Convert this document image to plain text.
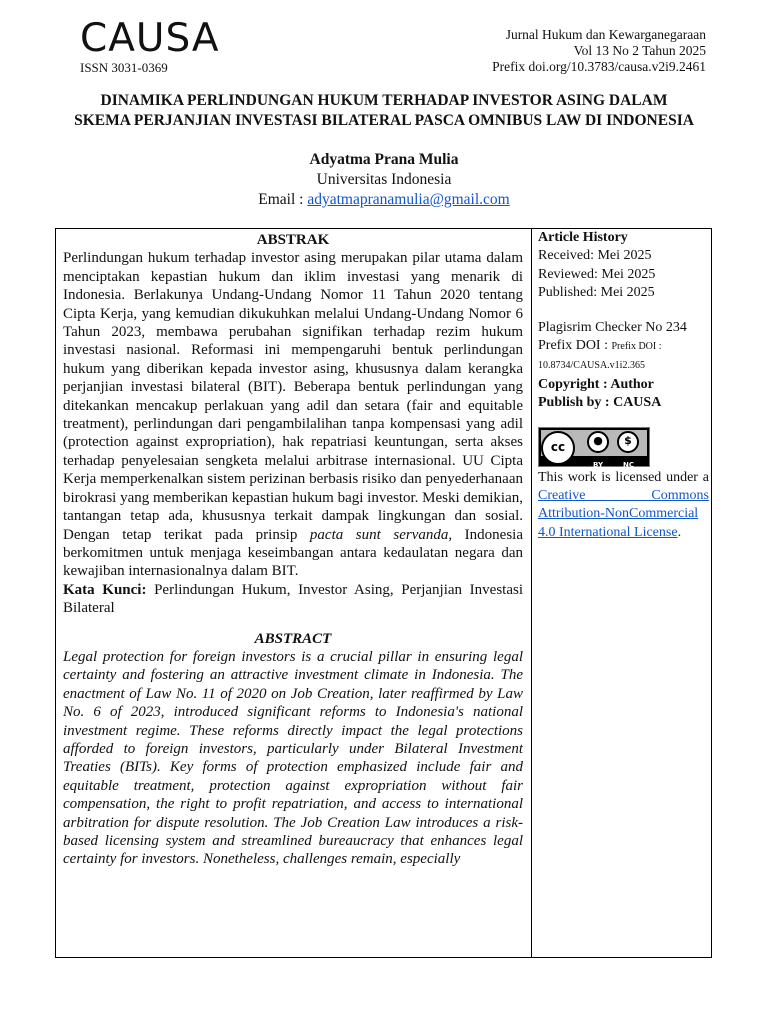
CAUSA
ISSN 3031-0369
Jurnal Hukum dan Kewarganegaraan
Vol 13 No 2 Tahun 2025
Prefix doi.org/10.3783/causa.v2i9.2461
DINAMIKA PERLINDUNGAN HUKUM TERHADAP INVESTOR ASING DALAM
SKEMA PERJANJIAN INVESTASI BILATERAL PASCA OMNIBUS LAW DI INDONESIA
Adyatma Prana Mulia
Universitas Indonesia
Email : adyatmapranamulia@gmail.com
ABSTRAK

Perlindungan hukum terhadap investor asing merupakan pilar utama dalam menciptakan kepastian hukum dan iklim investasi yang menarik di Indonesia. Berlakunya Undang-Undang Nomor 11 Tahun 2020 tentang Cipta Kerja, yang kemudian dikukuhkan melalui Undang-Undang Nomor 6 Tahun 2023, membawa perubahan signifikan terhadap rezim hukum investasi nasional. Reformasi ini mempengaruhi bentuk perlindungan hukum yang diberikan kepada investor asing, khususnya dalam kerangka perjanjian investasi bilateral (BIT). Beberapa bentuk perlindungan yang ditekankan mencakup perlakuan yang adil dan setara (fair and equitable treatment), perlindungan dari pengambilalihan tanpa kompensasi yang adil (protection against expropriation), hak repatriasi keuntungan, serta akses terhadap penyelesaian sengketa melalui arbitrase internasional. UU Cipta Kerja memperkenalkan sistem perizinan berbasis risiko dan penyederhanaan birokrasi yang memberikan kepastian hukum bagi investor. Meski demikian, tantangan tetap ada, khususnya terkait dampak lingkungan dan sosial. Dengan tetap terikat pada prinsip pacta sunt servanda, Indonesia berkomitmen untuk menjaga keseimbangan antara kedaulatan negara dan kewajiban internasionalnya dalam BIT.

Kata Kunci: Perlindungan Hukum, Investor Asing, Perjanjian Investasi Bilateral

ABSTRACT

Legal protection for foreign investors is a crucial pillar in ensuring legal certainty and fostering an attractive investment climate in Indonesia. The enactment of Law No. 11 of 2020 on Job Creation, later reaffirmed by Law No. 6 of 2023, introduced significant reforms to Indonesia's national investment regime. These reforms directly impact the legal protections afforded to foreign investors, particularly under Bilateral Investment Treaties (BITs). Key forms of protection emphasized include fair and equitable treatment, protection against expropriation without fair compensation, the right to profit repatriation, and access to international arbitration for dispute resolution. The Job Creation Law introduces a risk-based licensing system and streamlined bureaucracy that enhances legal certainty for investors. Nonetheless, challenges remain, especially

Article History
Received: Mei 2025
Reviewed: Mei 2025
Published: Mei 2025
Plagisrim Checker No 234
Prefix DOI : Prefix DOI : 10.8734/CAUSA.v1i2.365
Copyright : Author
Publish by : CAUSA
cc	●	$
BY	NC
This work is licensed under a Creative Commons Attribution-NonCommercial 4.0 International License.
